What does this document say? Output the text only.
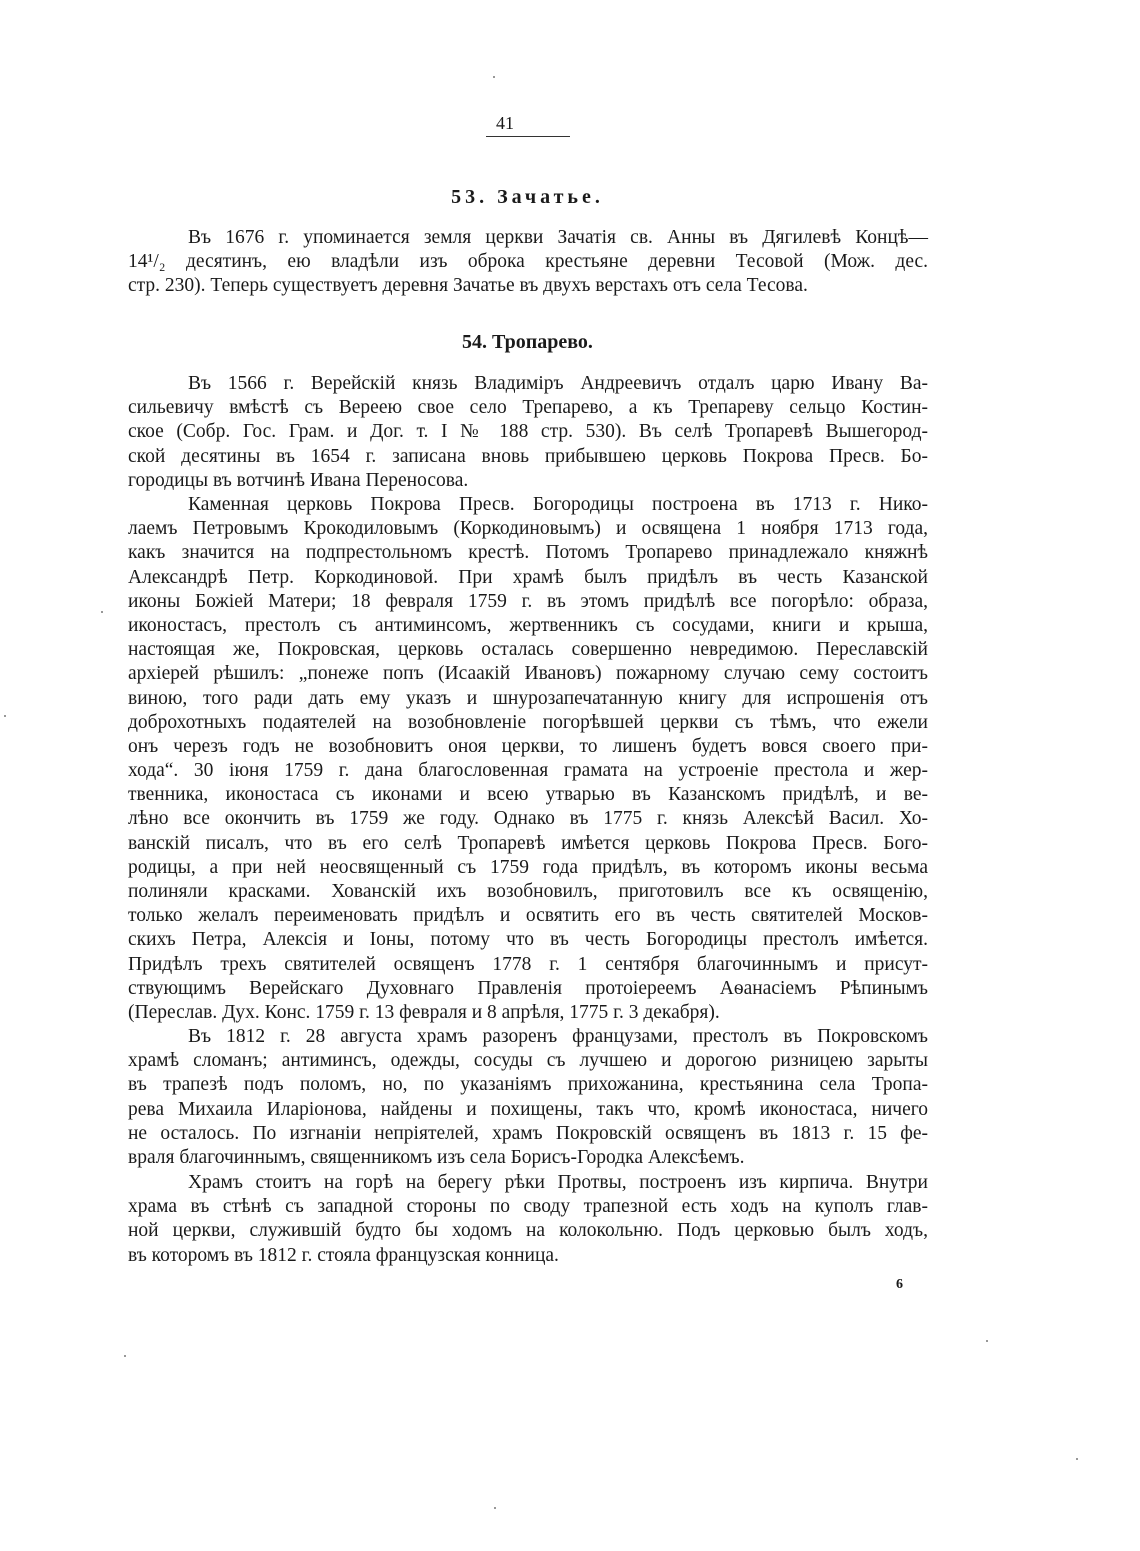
41
53. Зачатье.
Въ 1676 г. упоминается земля церкви Зачатія св. Анны въ Дягилевѣ Концѣ—
14¹/₂ десятинъ, ею владѣли изъ оброка крестьяне деревни Тесовой (Мож. дес.
стр. 230). Теперь существуетъ деревня Зачатье въ двухъ верстахъ отъ села Тесова.
54. Тропарево.
Въ 1566 г. Верейскій князь Владиміръ Андреевичъ отдалъ царю Ивану Ва-
сильевичу вмѣстѣ съ Вереею свое село Трепарево, а къ Трепареву сельцо Костин-
ское (Собр. Гос. Грам. и Дог. т. I № 188 стр. 530). Въ селѣ Тропаревѣ Вышегород-
ской десятины въ 1654 г. записана вновь прибывшею церковь Покрова Пресв. Бо-
городицы въ вотчинѣ Ивана Переносова.
Каменная церковь Покрова Пресв. Богородицы построена въ 1713 г. Нико-
лаемъ Петровымъ Крокодиловымъ (Коркодиновымъ) и освящена 1 ноября 1713 года,
какъ значится на подпрестольномъ крестѣ. Потомъ Тропарево принадлежало княжнѣ
Александрѣ Петр. Коркодиновой. При храмѣ былъ придѣлъ въ честь Казанской
иконы Божіей Матери; 18 февраля 1759 г. въ этомъ придѣлѣ все погорѣло: образа,
иконостасъ, престолъ съ антиминсомъ, жертвенникъ съ сосудами, книги и крыша,
настоящая же, Покровская, церковь осталась совершенно невредимою. Переславскій
архіерей рѣшилъ: „понеже попъ (Исаакій Ивановъ) пожарному случаю сему состоитъ
виною, того ради дать ему указъ и шнурозапечатанную книгу для испрошенія отъ
доброхотныхъ подаятелей на возобновленіе погорѣвшей церкви съ тѣмъ, что ежели
онъ черезъ годъ не возобновитъ оноя церкви, то лишенъ будетъ вовся своего при-
хода“. 30 іюня 1759 г. дана благословенная грамата на устроеніе престола и жер-
твенника, иконостаса съ иконами и всею утварью въ Казанскомъ придѣлѣ, и ве-
лѣно все окончить въ 1759 же году. Однако въ 1775 г. князь Алексѣй Васил. Хо-
ванскій писалъ, что въ его селѣ Тропаревѣ имѣется церковь Покрова Пресв. Бого-
родицы, а при ней неосвященный съ 1759 года придѣлъ, въ которомъ иконы весьма
полиняли красками. Хованскій ихъ возобновилъ, приготовилъ все къ освященію,
только желалъ переименовать придѣлъ и освятить его въ честь святителей Москов-
скихъ Петра, Алексія и Іоны, потому что въ честь Богородицы престолъ имѣется.
Придѣлъ трехъ святителей освященъ 1778 г. 1 сентября благочиннымъ и присут-
ствующимъ Верейскаго Духовнаго Правленія протоіереемъ Аѳанасіемъ Рѣпинымъ
(Переслав. Дух. Конс. 1759 г. 13 февраля и 8 апрѣля, 1775 г. 3 декабря).
Въ 1812 г. 28 августа храмъ разоренъ французами, престолъ въ Покровскомъ
храмѣ сломанъ; антиминсъ, одежды, сосуды съ лучшею и дорогою ризницею зарыты
въ трапезѣ подъ поломъ, но, по указаніямъ прихожанина, крестьянина села Тропа-
рева Михаила Иларіонова, найдены и похищены, такъ что, кромѣ иконостаса, ничего
не осталось. По изгнаніи непріятелей, храмъ Покровскій освященъ въ 1813 г. 15 фе-
враля благочиннымъ, священникомъ изъ села Борисъ-Городка Алексѣемъ.
Храмъ стоитъ на горѣ на берегу рѣки Протвы, построенъ изъ кирпича. Внутри
храма въ стѣнѣ съ западной стороны по своду трапезной есть ходъ на куполъ глав-
ной церкви, служившій будто бы ходомъ на колокольню. Подъ церковью былъ ходъ,
въ которомъ въ 1812 г. стояла французская конница.
6
